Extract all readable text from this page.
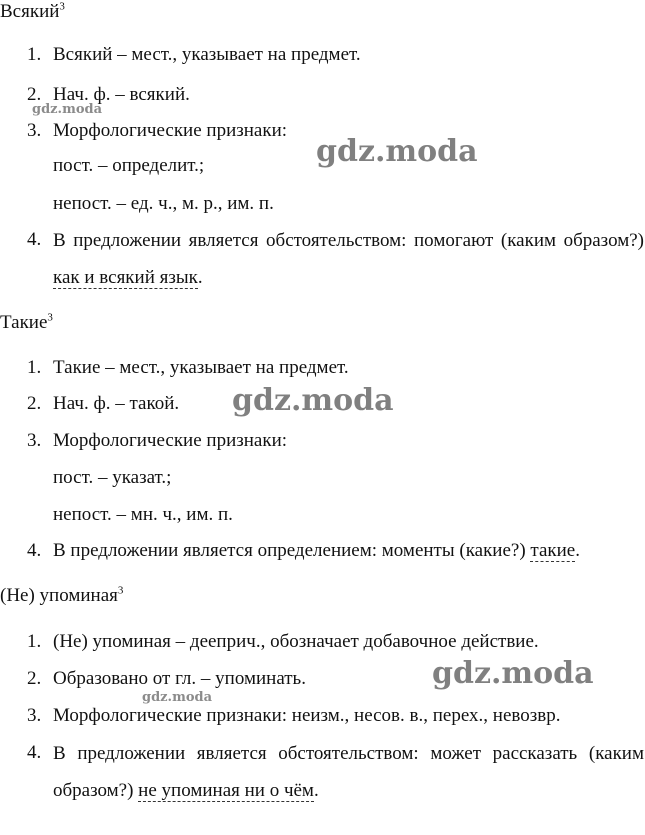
Всякий$^3$
1. Всякий – мест., указывает на предмет.
2. Нач. ф. – всякий.
3. Морфологические признаки:
пост. – определит.;
непост. – ед. ч., м. р., им. п.
4. В предложении является обстоятельством: помогают (каким образом?) как и всякий язык.
Такие$^3$
1. Такие – мест., указывает на предмет.
2. Нач. ф. – такой.
3. Морфологические признаки:
пост. – указат.;
непост. – мн. ч., им. п.
4. В предложении является определением: моменты (какие?) такие.
(Не) упоминая$^3$
1. (Не) упоминая – дееприч., обозначает добавочное действие.
2. Образовано от гл. – упоминать.
3. Морфологические признаки: неизм., несов. в., перех., невозвр.
4. В предложении является обстоятельством: может рассказать (каким образом?) не упоминая ни о чём.
gdz.moda
gdz.moda
gdz.moda
gdz.moda
gdz.moda
